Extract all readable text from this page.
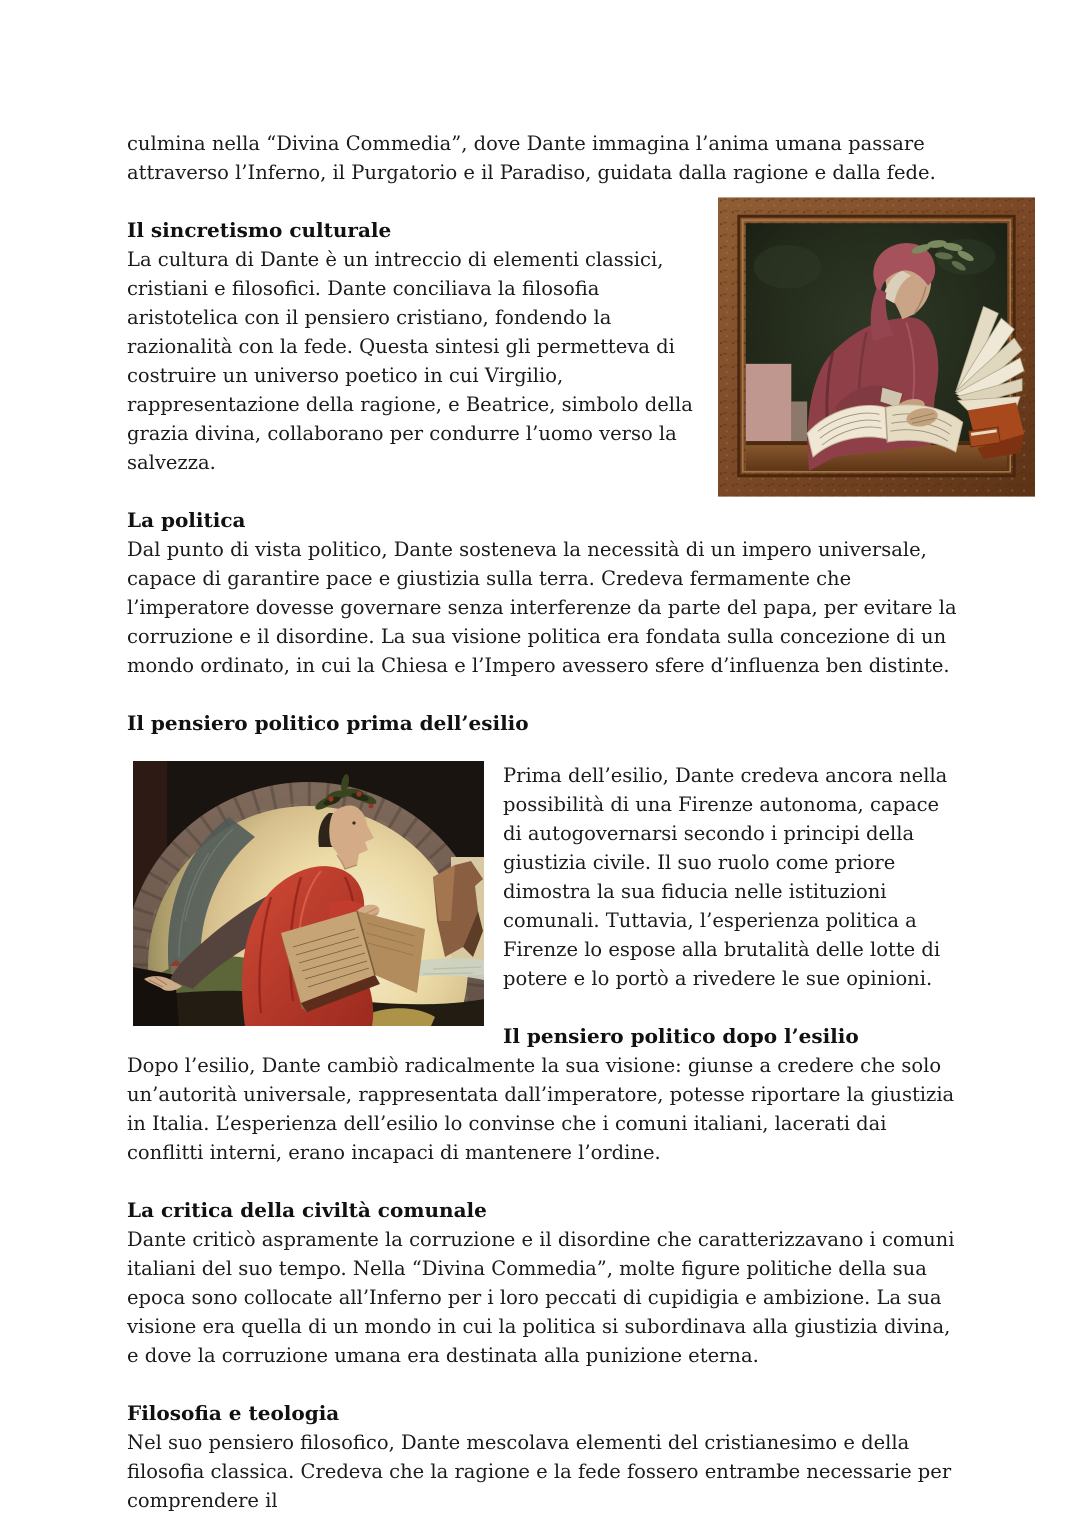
culmina nella “Divina Commedia”, dove Dante immagina l’anima umana passare attraverso l’Inferno, il Purgatorio e il Paradiso, guidata dalla ragione e dalla fede.

Il sincretismo culturale

La cultura di Dante è un intreccio di elementi classici, cristiani e filosofici. Dante conciliava la filosofia aristotelica con il pensiero cristiano, fondendo la razionalità con la fede. Questa sintesi gli permetteva di costruire un universo poetico in cui Virgilio, rappresentazione della ragione, e Beatrice, simbolo della grazia divina, collaborano per condurre l’uomo verso la salvezza.

La politica

Dal punto di vista politico, Dante sosteneva la necessità di un impero universale, capace di garantire pace e giustizia sulla terra. Credeva fermamente che l’imperatore dovesse governare senza interferenze da parte del papa, per evitare la corruzione e il disordine. La sua visione politica era fondata sulla concezione di un mondo ordinato, in cui la Chiesa e l’Impero avessero sfere d’influenza ben distinte.

Il pensiero politico prima dell’esilio

Prima dell’esilio, Dante credeva ancora nella possibilità di una Firenze autonoma, capace di autogovernarsi secondo i principi della giustizia civile. Il suo ruolo come priore dimostra la sua fiducia nelle istituzioni comunali. Tuttavia, l’esperienza politica a Firenze lo espose alla brutalità delle lotte di potere e lo portò a rivedere le sue opinioni.

Il pensiero politico dopo l’esilio

Dopo l’esilio, Dante cambiò radicalmente la sua visione: giunse a credere che solo un’autorità universale, rappresentata dall’imperatore, potesse riportare la giustizia in Italia. L’esperienza dell’esilio lo convinse che i comuni italiani, lacerati dai conflitti interni, erano incapaci di mantenere l’ordine.

La critica della civiltà comunale

Dante criticò aspramente la corruzione e il disordine che caratterizzavano i comuni italiani del suo tempo. Nella “Divina Commedia”, molte figure politiche della sua epoca sono collocate all’Inferno per i loro peccati di cupidigia e ambizione. La sua visione era quella di un mondo in cui la politica si subordinava alla giustizia divina, e dove la corruzione umana era destinata alla punizione eterna.

Filosofia e teologia

Nel suo pensiero filosofico, Dante mescolava elementi del cristianesimo e della filosofia classica. Credeva che la ragione e la fede fossero entrambe necessarie per comprendere il
